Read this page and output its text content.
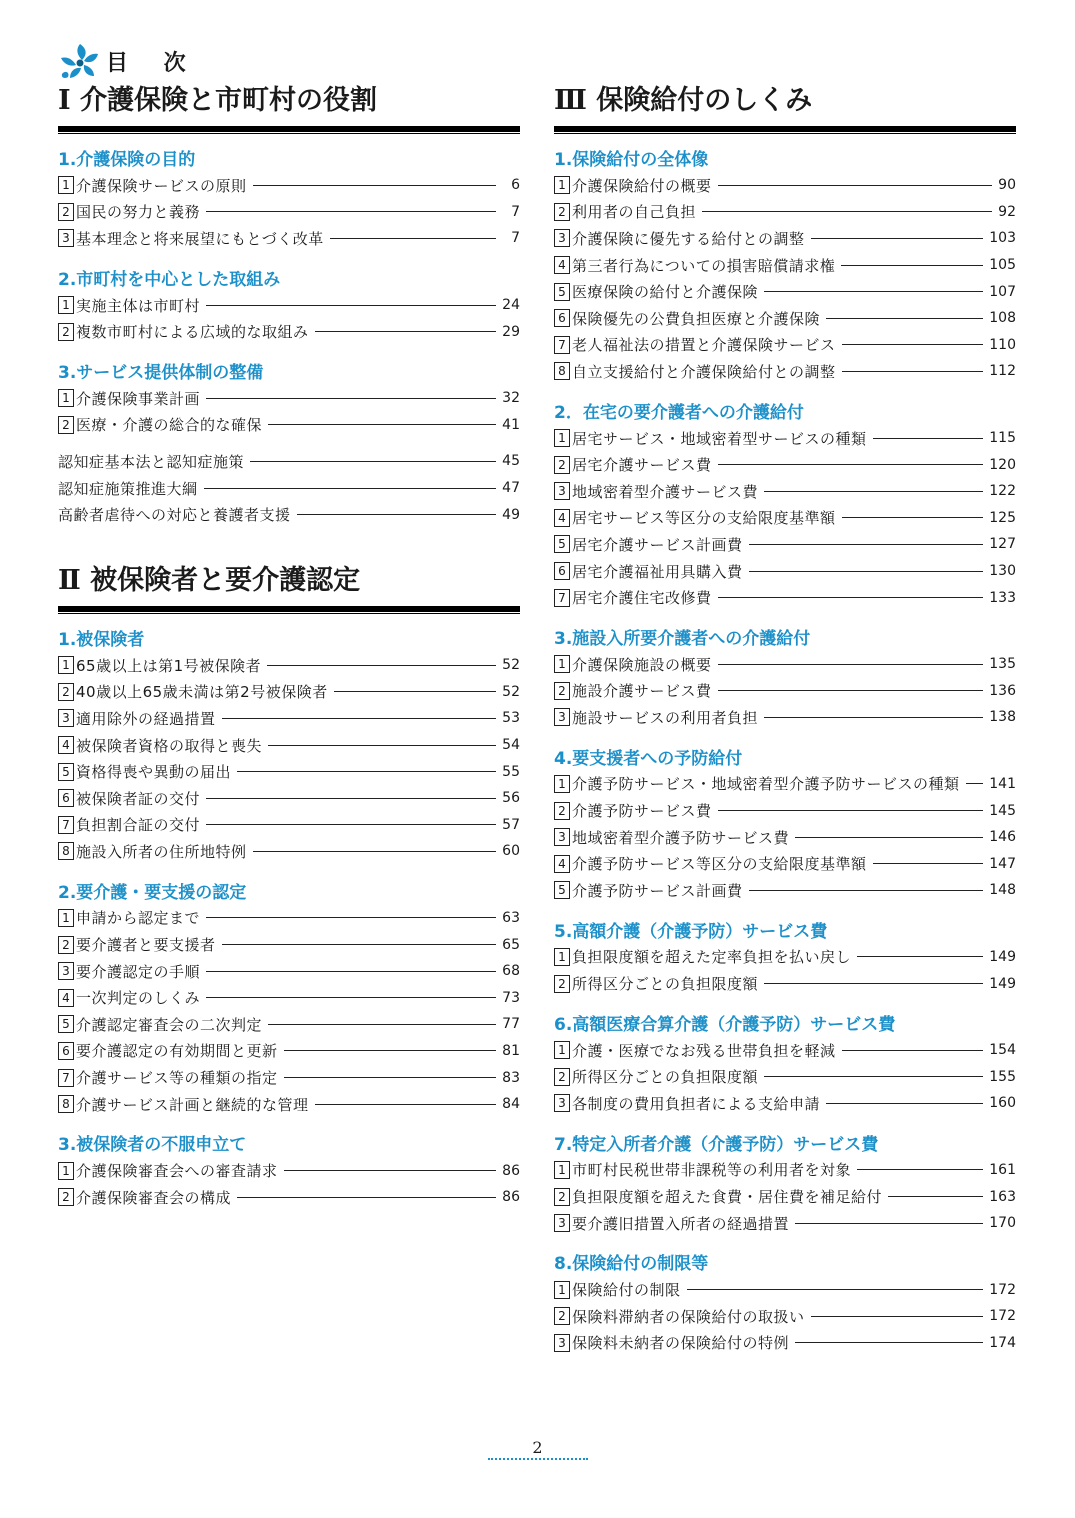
目 次
Ⅰ 介護保険と市町村の役割
1.介護保険の目的
1 介護保険サービスの原則	6
2 国民の努力と義務	7
3 基本理念と将来展望にもとづく改革	7
2.市町村を中心とした取組み
1 実施主体は市町村	24
2 複数市町村による広域的な取組み	29
3.サービス提供体制の整備
1 介護保険事業計画	32
2 医療・介護の総合的な確保	41
認知症基本法と認知症施策	45
認知症施策推進大綱	47
高齢者虐待への対応と養護者支援	49
Ⅱ 被保険者と要介護認定
1.被保険者
1 65歳以上は第1号被保険者	52
2 40歳以上65歳未満は第2号被保険者	52
3 適用除外の経過措置	53
4 被保険者資格の取得と喪失	54
5 資格得喪や異動の届出	55
6 被保険者証の交付	56
7 負担割合証の交付	57
8 施設入所者の住所地特例	60
2.要介護・要支援の認定
1 申請から認定まで	63
2 要介護者と要支援者	65
3 要介護認定の手順	68
4 一次判定のしくみ	73
5 介護認定審査会の二次判定	77
6 要介護認定の有効期間と更新	81
7 介護サービス等の種類の指定	83
8 介護サービス計画と継続的な管理	84
3.被保険者の不服申立て
1 介護保険審査会への審査請求	86
2 介護保険審査会の構成	86
Ⅲ 保険給付のしくみ
1.保険給付の全体像
1 介護保険給付の概要	90
2 利用者の自己負担	92
3 介護保険に優先する給付との調整	103
4 第三者行為についての損害賠償請求権	105
5 医療保険の給付と介護保険	107
6 保険優先の公費負担医療と介護保険	108
7 老人福祉法の措置と介護保険サービス	110
8 自立支援給付と介護保険給付との調整	112
2．在宅の要介護者への介護給付
1 居宅サービス・地域密着型サービスの種類	115
2 居宅介護サービス費	120
3 地域密着型介護サービス費	122
4 居宅サービス等区分の支給限度基準額	125
5 居宅介護サービス計画費	127
6 居宅介護福祉用具購入費	130
7 居宅介護住宅改修費	133
3.施設入所要介護者への介護給付
1 介護保険施設の概要	135
2 施設介護サービス費	136
3 施設サービスの利用者負担	138
4.要支援者への予防給付
1 介護予防サービス・地域密着型介護予防サービスの種類 141
2 介護予防サービス費	145
3 地域密着型介護予防サービス費	146
4 介護予防サービス等区分の支給限度基準額	147
5 介護予防サービス計画費	148
5.高額介護（介護予防）サービス費
1 負担限度額を超えた定率負担を払い戻し	149
2 所得区分ごとの負担限度額	149
6.高額医療合算介護（介護予防）サービス費
1 介護・医療でなお残る世帯負担を軽減	154
2 所得区分ごとの負担限度額	155
3 各制度の費用負担者による支給申請	160
7.特定入所者介護（介護予防）サービス費
1 市町村民税世帯非課税等の利用者を対象	161
2 負担限度額を超えた食費・居住費を補足給付	163
3 要介護旧措置入所者の経過措置	170
8.保険給付の制限等
1 保険給付の制限	172
2 保険料滞納者の保険給付の取扱い	172
3 保険料未納者の保険給付の特例	174
2
